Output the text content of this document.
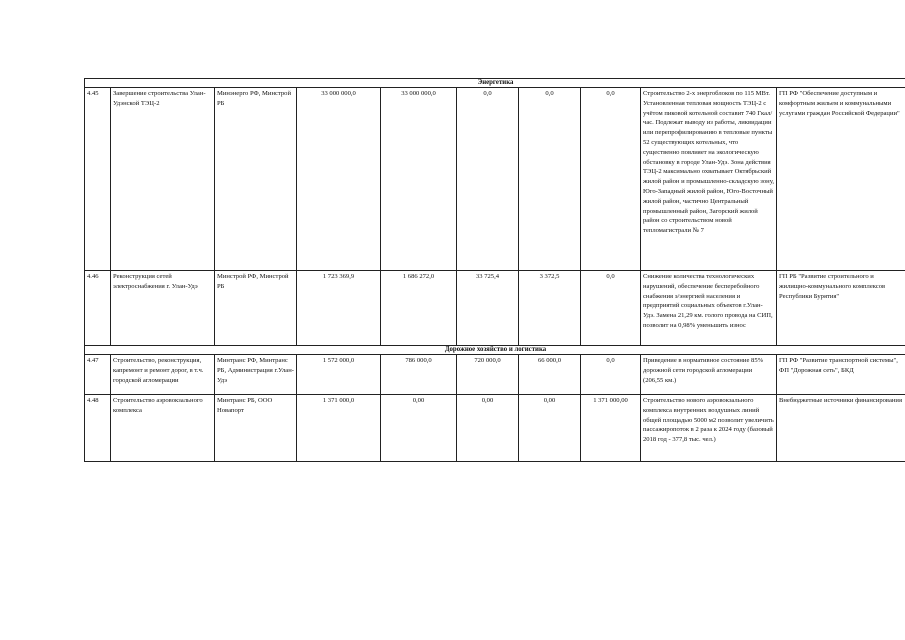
Энергетика									
4.45	Завершение строительства Улан-Удэнской ТЭЦ-2	Минэнерго РФ, Минстрой РБ	33 000 000,0	33 000 000,0	0,0	0,0	0,0	Строительство 2-х энергоблоков по 115 МВт. Установленная тепловая мощность ТЭЦ-2 с учётом пиковой котельной составит 740 Гкал/час. Подлежат выводу из работы, ликвидации или перепрофилированию в тепловые пункты 52 существующих котельных, что существенно повлияет на экологическую обстановку в городе Улан-Удэ. Зона действия ТЭЦ-2 максимально охватывает Октябрьский жилой район и промышленно-складскую зону, Юго-Западный жилой район, Юго-Восточный жилой район, частично Центральный промышленный район, Загорский жилой район со строительством новой тепломагистрали № 7	ГП РФ "Обеспечение доступным и комфортным жильем и коммунальными услугами граждан Российской Федерации"
4.46	Реконструкция сетей электроснабжения г. Улан-Удэ	Минстрой РФ, Минстрой РБ	1 723 369,9	1 686 272,0	33 725,4	3 372,5	0,0	Снижение количества технологических нарушений, обеспечение бесперебойного снабжения э/энергией населения и предприятий социальных объектов г.Улан-Удэ. Замена 21,29 км. голого провода на СИП, позволит на 0,98% уменьшить износ	ГП РБ "Развитие строительного и жилищно-коммунального комплексов Республики Бурятия"
Дорожное хозяйство и логистика									
4.47	Строительство, реконструкция, капремонт и ремонт дорог, в т.ч. городской агломерации	Минтранс РФ, Минтранс РБ, Администрация г.Улан-Удэ	1 572 000,0	786 000,0	720 000,0	66 000,0	0,0	Приведение в нормативное состояние 85% дорожной сети городской агломерации (206,55 км.)	ГП РФ "Развитие транспортной системы", ФП "Дорожная сеть", БКД
4.48	Строительство аэровокзального комплекса	Минтранс РБ, ООО Новапорт	1 371 000,0	0,00	0,00	0,00	1 371 000,00	Строительство нового аэровокзального комплекса внутренних воздушных линий общей площадью 5000 м2 позволит увеличить пассажиропоток в 2 раза к 2024 году (базовый 2018 год - 377,8 тыс. чел.)	Внебюджетные источники финансирования
